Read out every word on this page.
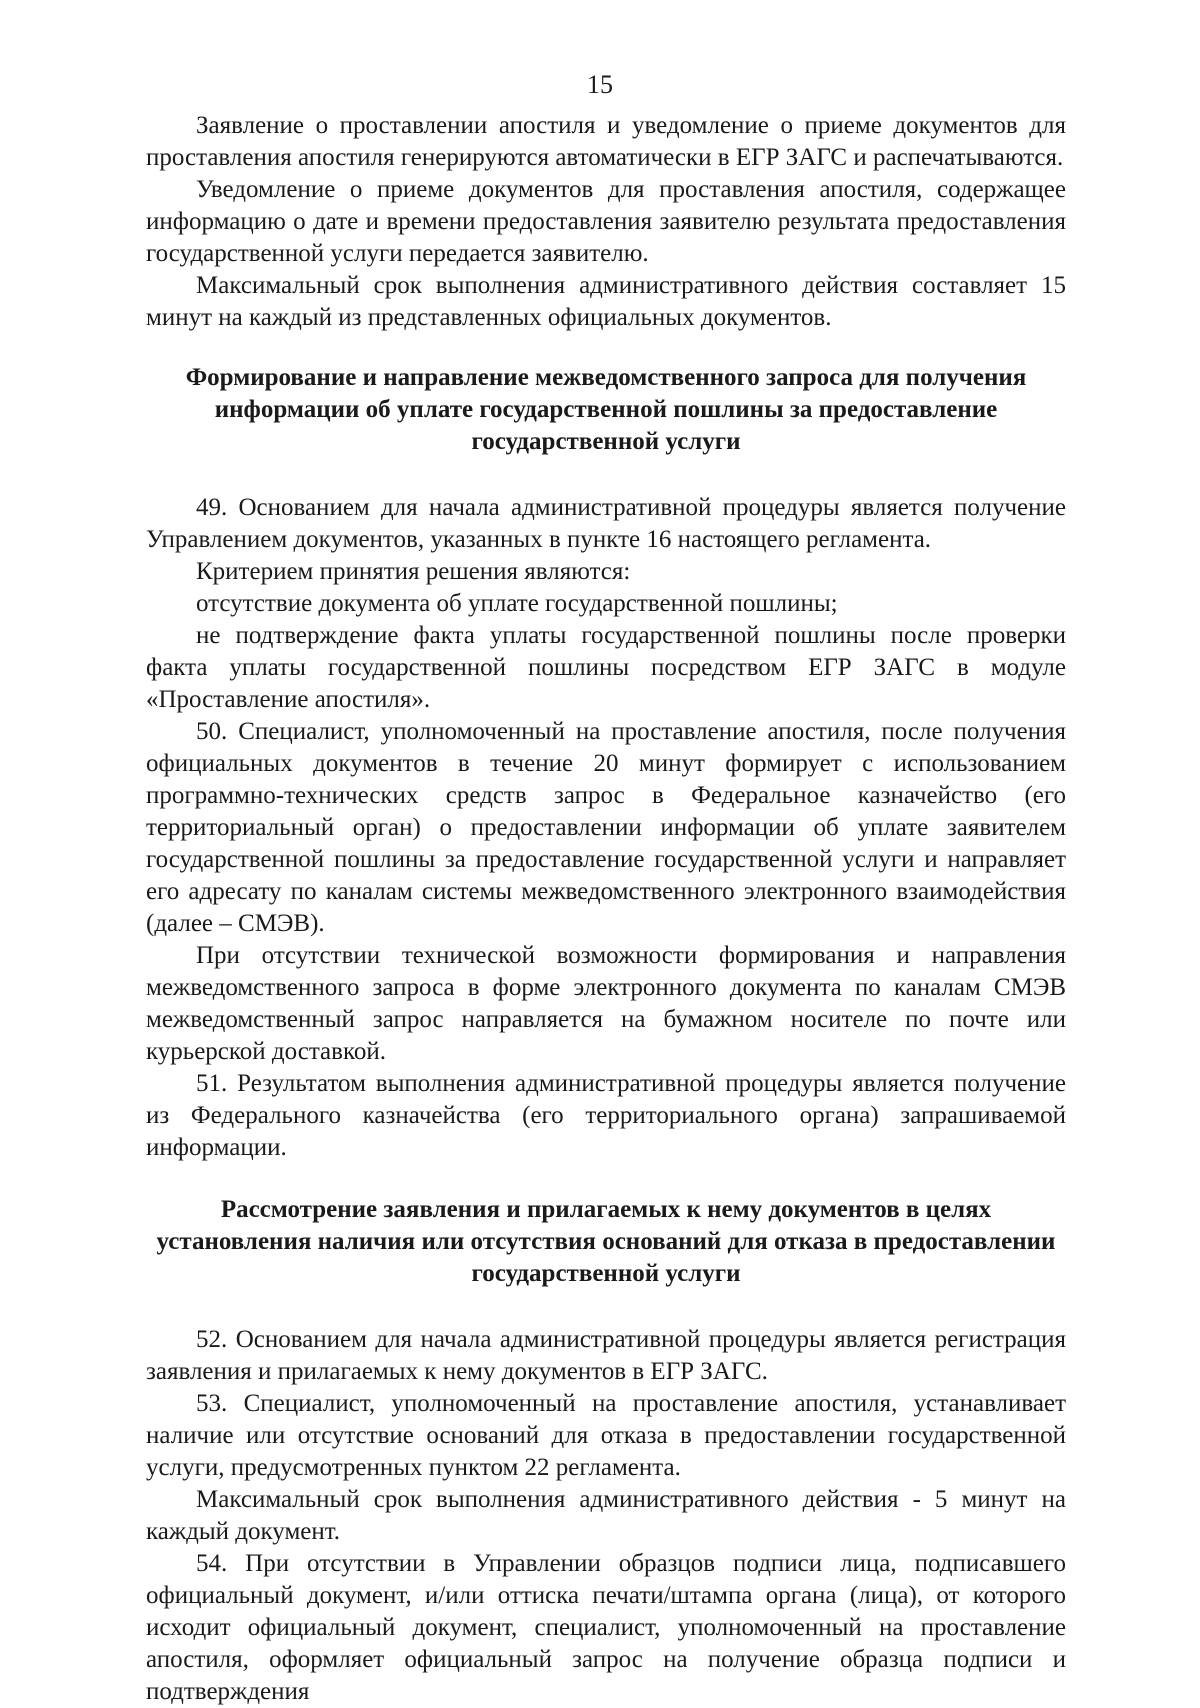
15

Заявление о проставлении апостиля и уведомление о приеме документов для проставления апостиля генерируются автоматически в ЕГР ЗАГС и распечатываются.

Уведомление о приеме документов для проставления апостиля, содержащее информацию о дате и времени предоставления заявителю результата предоставления государственной услуги передается заявителю.

Максимальный срок выполнения административного действия составляет 15 минут на каждый из представленных официальных документов.

Формирование и направление межведомственного запроса для получения информации об уплате государственной пошлины за предоставление государственной услуги

49. Основанием для начала административной процедуры является получение Управлением документов, указанных в пункте 16 настоящего регламента.

Критерием принятия решения являются:

отсутствие документа об уплате государственной пошлины;

не подтверждение факта уплаты государственной пошлины после проверки факта уплаты государственной пошлины посредством ЕГР ЗАГС в модуле «Проставление апостиля».

50. Специалист, уполномоченный на проставление апостиля, после получения официальных документов в течение 20 минут формирует с использованием программно-технических средств запрос в Федеральное казначейство (его территориальный орган) о предоставлении информации об уплате заявителем государственной пошлины за предоставление государственной услуги и направляет его адресату по каналам системы межведомственного электронного взаимодействия (далее – СМЭВ).

При отсутствии технической возможности формирования и направления межведомственного запроса в форме электронного документа по каналам СМЭВ межведомственный запрос направляется на бумажном носителе по почте или курьерской доставкой.

51. Результатом выполнения административной процедуры является получение из Федерального казначейства (его территориального органа) запрашиваемой информации.

Рассмотрение заявления и прилагаемых к нему документов в целях установления наличия или отсутствия оснований для отказа в предоставлении государственной услуги

52. Основанием для начала административной процедуры является регистрация заявления и прилагаемых к нему документов в ЕГР ЗАГС.

53. Специалист, уполномоченный на проставление апостиля, устанавливает наличие или отсутствие оснований для отказа в предоставлении государственной услуги, предусмотренных пунктом 22 регламента.

Максимальный срок выполнения административного действия - 5 минут на каждый документ.

54. При отсутствии в Управлении образцов подписи лица, подписавшего официальный документ, и/или оттиска печати/штампа органа (лица), от которого исходит официальный документ, специалист, уполномоченный на проставление апостиля, оформляет официальный запрос на получение образца подписи и подтверждения
